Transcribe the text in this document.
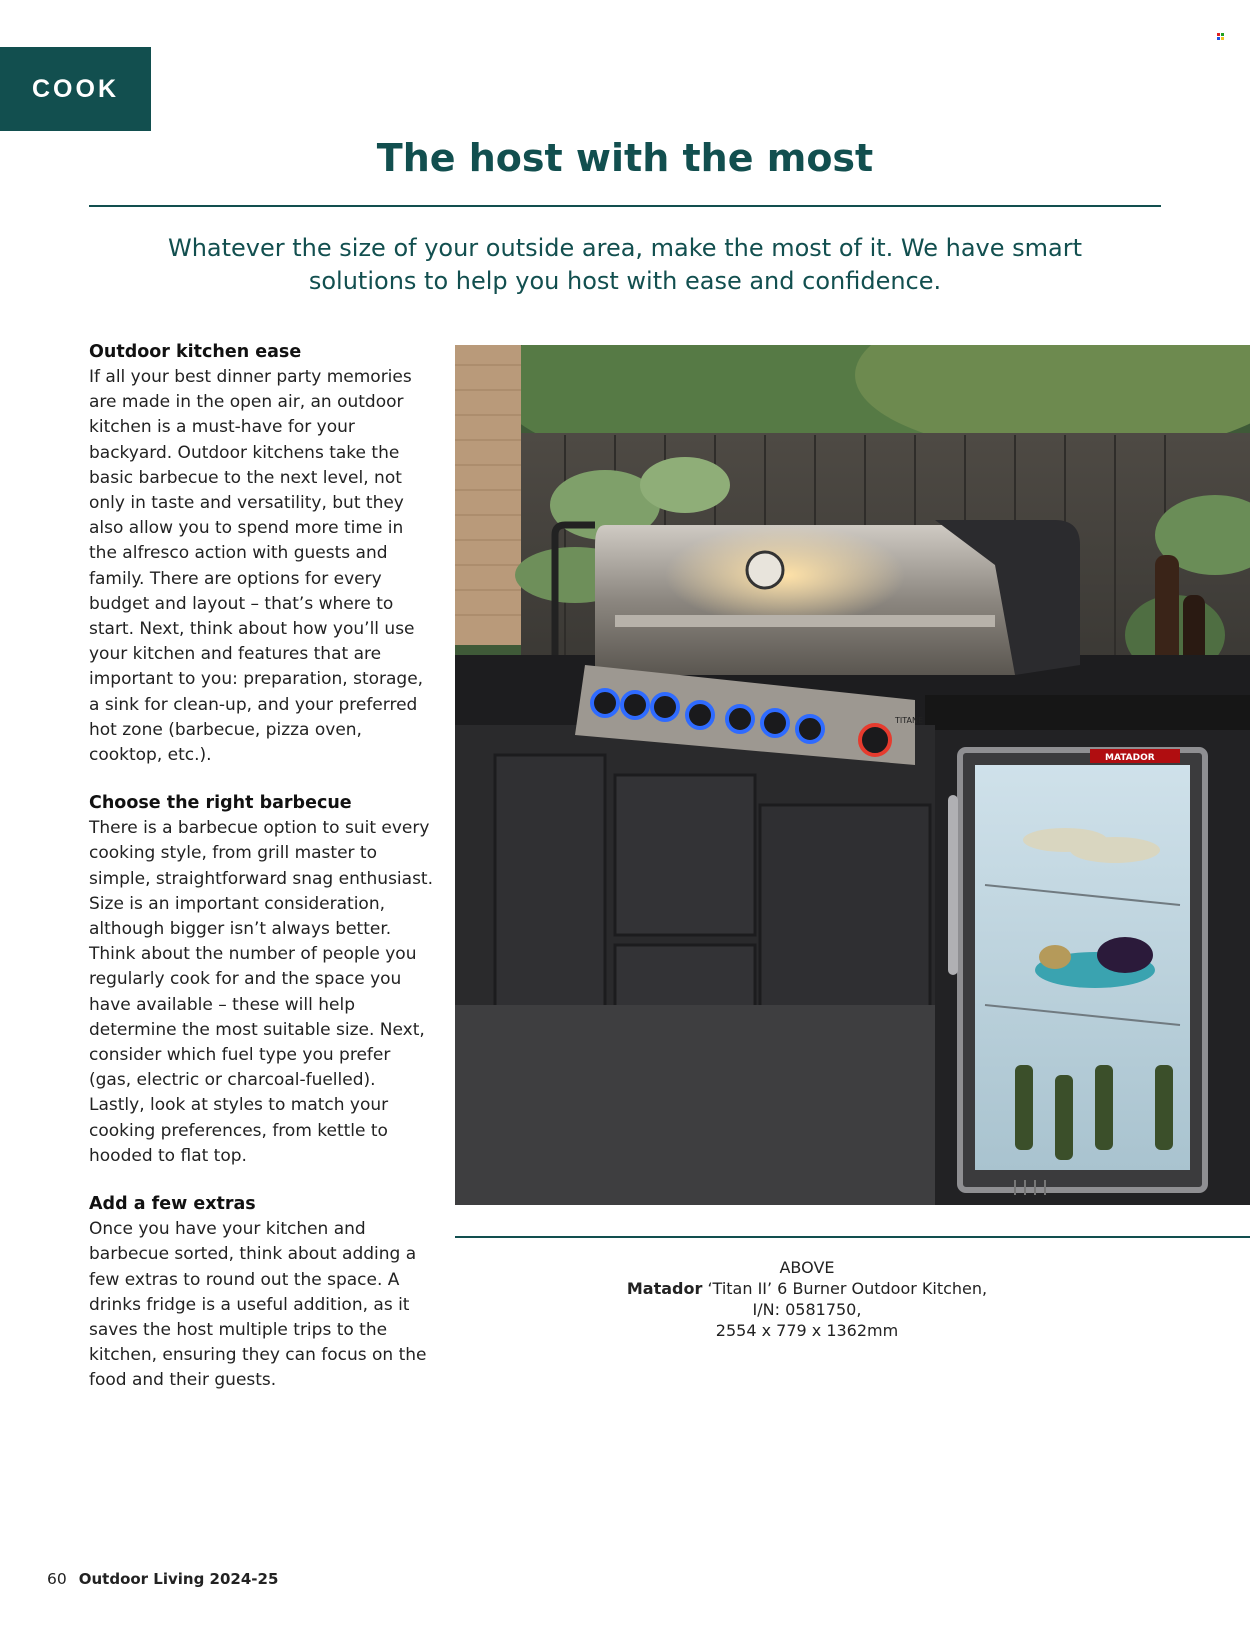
COOK
The host with the most

Whatever the size of your outside area, make the most of it. We have smart solutions to help you host with ease and confidence.

Outdoor kitchen ease

If all your best dinner party memories are made in the open air, an outdoor kitchen is a must-have for your backyard. Outdoor kitchens take the basic barbecue to the next level, not only in taste and versatility, but they also allow you to spend more time in the alfresco action with guests and family. There are options for every budget and layout – that’s where to start. Next, think about how you’ll use your kitchen and features that are important to you: preparation, storage, a sink for clean-up, and your preferred hot zone (barbecue, pizza oven, cooktop, etc.).

Choose the right barbecue

There is a barbecue option to suit every cooking style, from grill master to simple, straightforward snag enthusiast. Size is an important consideration, although bigger isn’t always better. Think about the number of people you regularly cook for and the space you have available – these will help determine the most suitable size. Next, consider which fuel type you prefer (gas, electric or charcoal-fuelled). Lastly, look at styles to match your cooking preferences, from kettle to hooded to flat top.

Add a few extras

Once you have your kitchen and barbecue sorted, think about adding a few extras to round out the space. A drinks fridge is a useful addition, as it saves the host multiple trips to the kitchen, ensuring they can focus on the food and their guests.

TITANE
MATADOR
ABOVE
Matador ‘Titan II’ 6 Burner Outdoor Kitchen,
I/N: 0581750,
2554 x 779 x 1362mm
60 Outdoor Living 2024-25
